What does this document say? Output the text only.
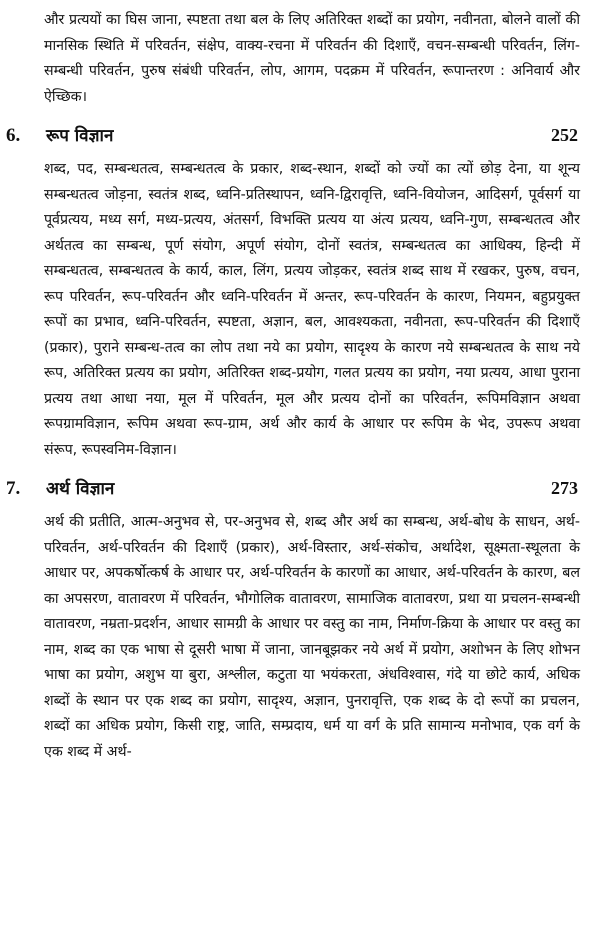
और प्रत्ययों का घिस जाना, स्पष्टता तथा बल के लिए अतिरिक्त शब्दों का प्रयोग, नवीनता, बोलने वालों की मानसिक स्थिति में परिवर्तन, संक्षेप, वाक्य-रचना में परिवर्तन की दिशाएँ, वचन-सम्बन्धी परिवर्तन, लिंग-सम्बन्धी परिवर्तन, पुरुष संबंधी परिवर्तन, लोप, आगम, पदक्रम में परिवर्तन, रूपान्तरण : अनिवार्य और ऐच्छिक।

6.	रूप विज्ञान	252

शब्द, पद, सम्बन्धतत्व, सम्बन्धतत्व के प्रकार, शब्द-स्थान, शब्दों को ज्यों का त्यों छोड़ देना, या शून्य सम्बन्धतत्व जोड़ना, स्वतंत्र शब्द, ध्वनि-प्रतिस्थापन, ध्वनि-द्विरावृत्ति, ध्वनि-वियोजन, आदिसर्ग, पूर्वसर्ग या पूर्वप्रत्यय, मध्य सर्ग, मध्य-प्रत्यय, अंतसर्ग, विभक्ति प्रत्यय या अंत्य प्रत्यय, ध्वनि-गुण, सम्बन्धतत्व और अर्थतत्व का सम्बन्ध, पूर्ण संयोग, अपूर्ण संयोग, दोनों स्वतंत्र, सम्बन्धतत्व का आधिक्य, हिन्दी में सम्बन्धतत्व, सम्बन्धतत्व के कार्य, काल, लिंग, प्रत्यय जोड़कर, स्वतंत्र शब्द साथ में रखकर, पुरुष, वचन, रूप परिवर्तन, रूप-परिवर्तन और ध्वनि-परिवर्तन में अन्तर, रूप-परिवर्तन के कारण, नियमन, बहुप्रयुक्त रूपों का प्रभाव, ध्वनि-परिवर्तन, स्पष्टता, अज्ञान, बल, आवश्यकता, नवीनता, रूप-परिवर्तन की दिशाएँ (प्रकार), पुराने सम्बन्ध-तत्व का लोप तथा नये का प्रयोग, सादृश्य के कारण नये सम्बन्धतत्व के साथ नये रूप, अतिरिक्त प्रत्यय का प्रयोग, अतिरिक्त शब्द-प्रयोग, गलत प्रत्यय का प्रयोग, नया प्रत्यय, आधा पुराना प्रत्यय तथा आधा नया, मूल में परिवर्तन, मूल और प्रत्यय दोनों का परिवर्तन, रूपिमविज्ञान अथवा रूपग्रामविज्ञान, रूपिम अथवा रूप-ग्राम, अर्थ और कार्य के आधार पर रूपिम के भेद, उपरूप अथवा संरूप, रूपस्वनिम-विज्ञान।

7.	अर्थ विज्ञान	273

अर्थ की प्रतीति, आत्म-अनुभव से, पर-अनुभव से, शब्द और अर्थ का सम्बन्ध, अर्थ-बोध के साधन, अर्थ-परिवर्तन, अर्थ-परिवर्तन की दिशाएँ (प्रकार), अर्थ-विस्तार, अर्थ-संकोच, अर्थादेश, सूक्ष्मता-स्थूलता के आधार पर, अपकर्षोत्कर्ष के आधार पर, अर्थ-परिवर्तन के कारणों का आधार, अर्थ-परिवर्तन के कारण, बल का अपसरण, वातावरण में परिवर्तन, भौगोलिक वातावरण, सामाजिक वातावरण, प्रथा या प्रचलन-सम्बन्धी वातावरण, नम्रता-प्रदर्शन, आधार सामग्री के आधार पर वस्तु का नाम, निर्माण-क्रिया के आधार पर वस्तु का नाम, शब्द का एक भाषा से दूसरी भाषा में जाना, जानबूझकर नये अर्थ में प्रयोग, अशोभन के लिए शोभन भाषा का प्रयोग, अशुभ या बुरा, अश्लील, कटुता या भयंकरता, अंधविश्वास, गंदे या छोटे कार्य, अधिक शब्दों के स्थान पर एक शब्द का प्रयोग, सादृश्य, अज्ञान, पुनरावृत्ति, एक शब्द के दो रूपों का प्रचलन, शब्दों का अधिक प्रयोग, किसी राष्ट्र, जाति, सम्प्रदाय, धर्म या वर्ग के प्रति सामान्य मनोभाव, एक वर्ग के एक शब्द में अर्थ-
